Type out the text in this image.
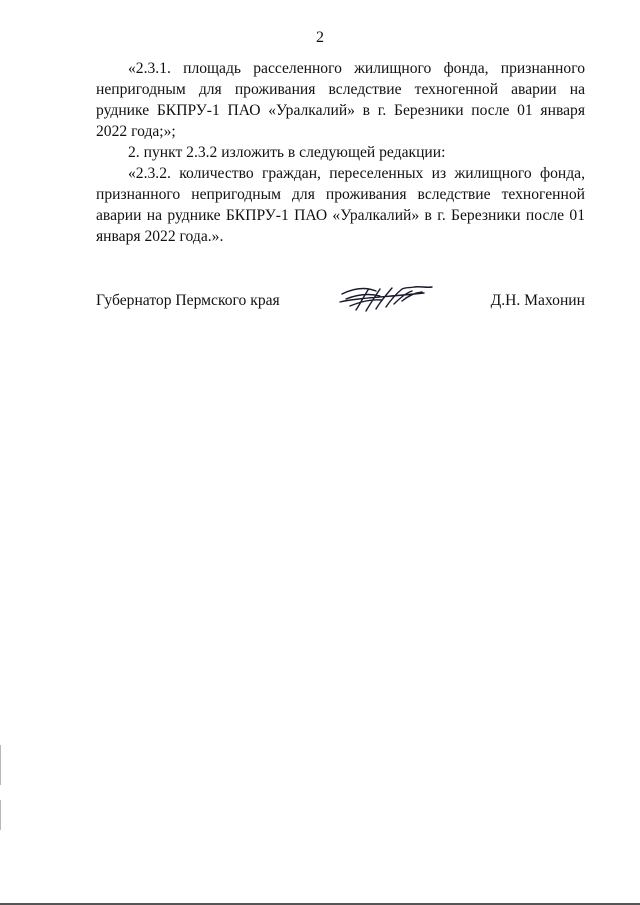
2

«2.3.1. площадь расселенного жилищного фонда, признанного непригодным для проживания вследствие техногенной аварии на руднике БКПРУ-1 ПАО «Уралкалий» в г. Березники после 01 января 2022 года;»;

2. пункт 2.3.2 изложить в следующей редакции:

«2.3.2. количество граждан, переселенных из жилищного фонда, признанного непригодным для проживания вследствие техногенной аварии на руднике БКПРУ-1 ПАО «Уралкалий» в г. Березники после 01 января 2022 года.».

Губернатор Пермского края	Д.Н. Махонин
